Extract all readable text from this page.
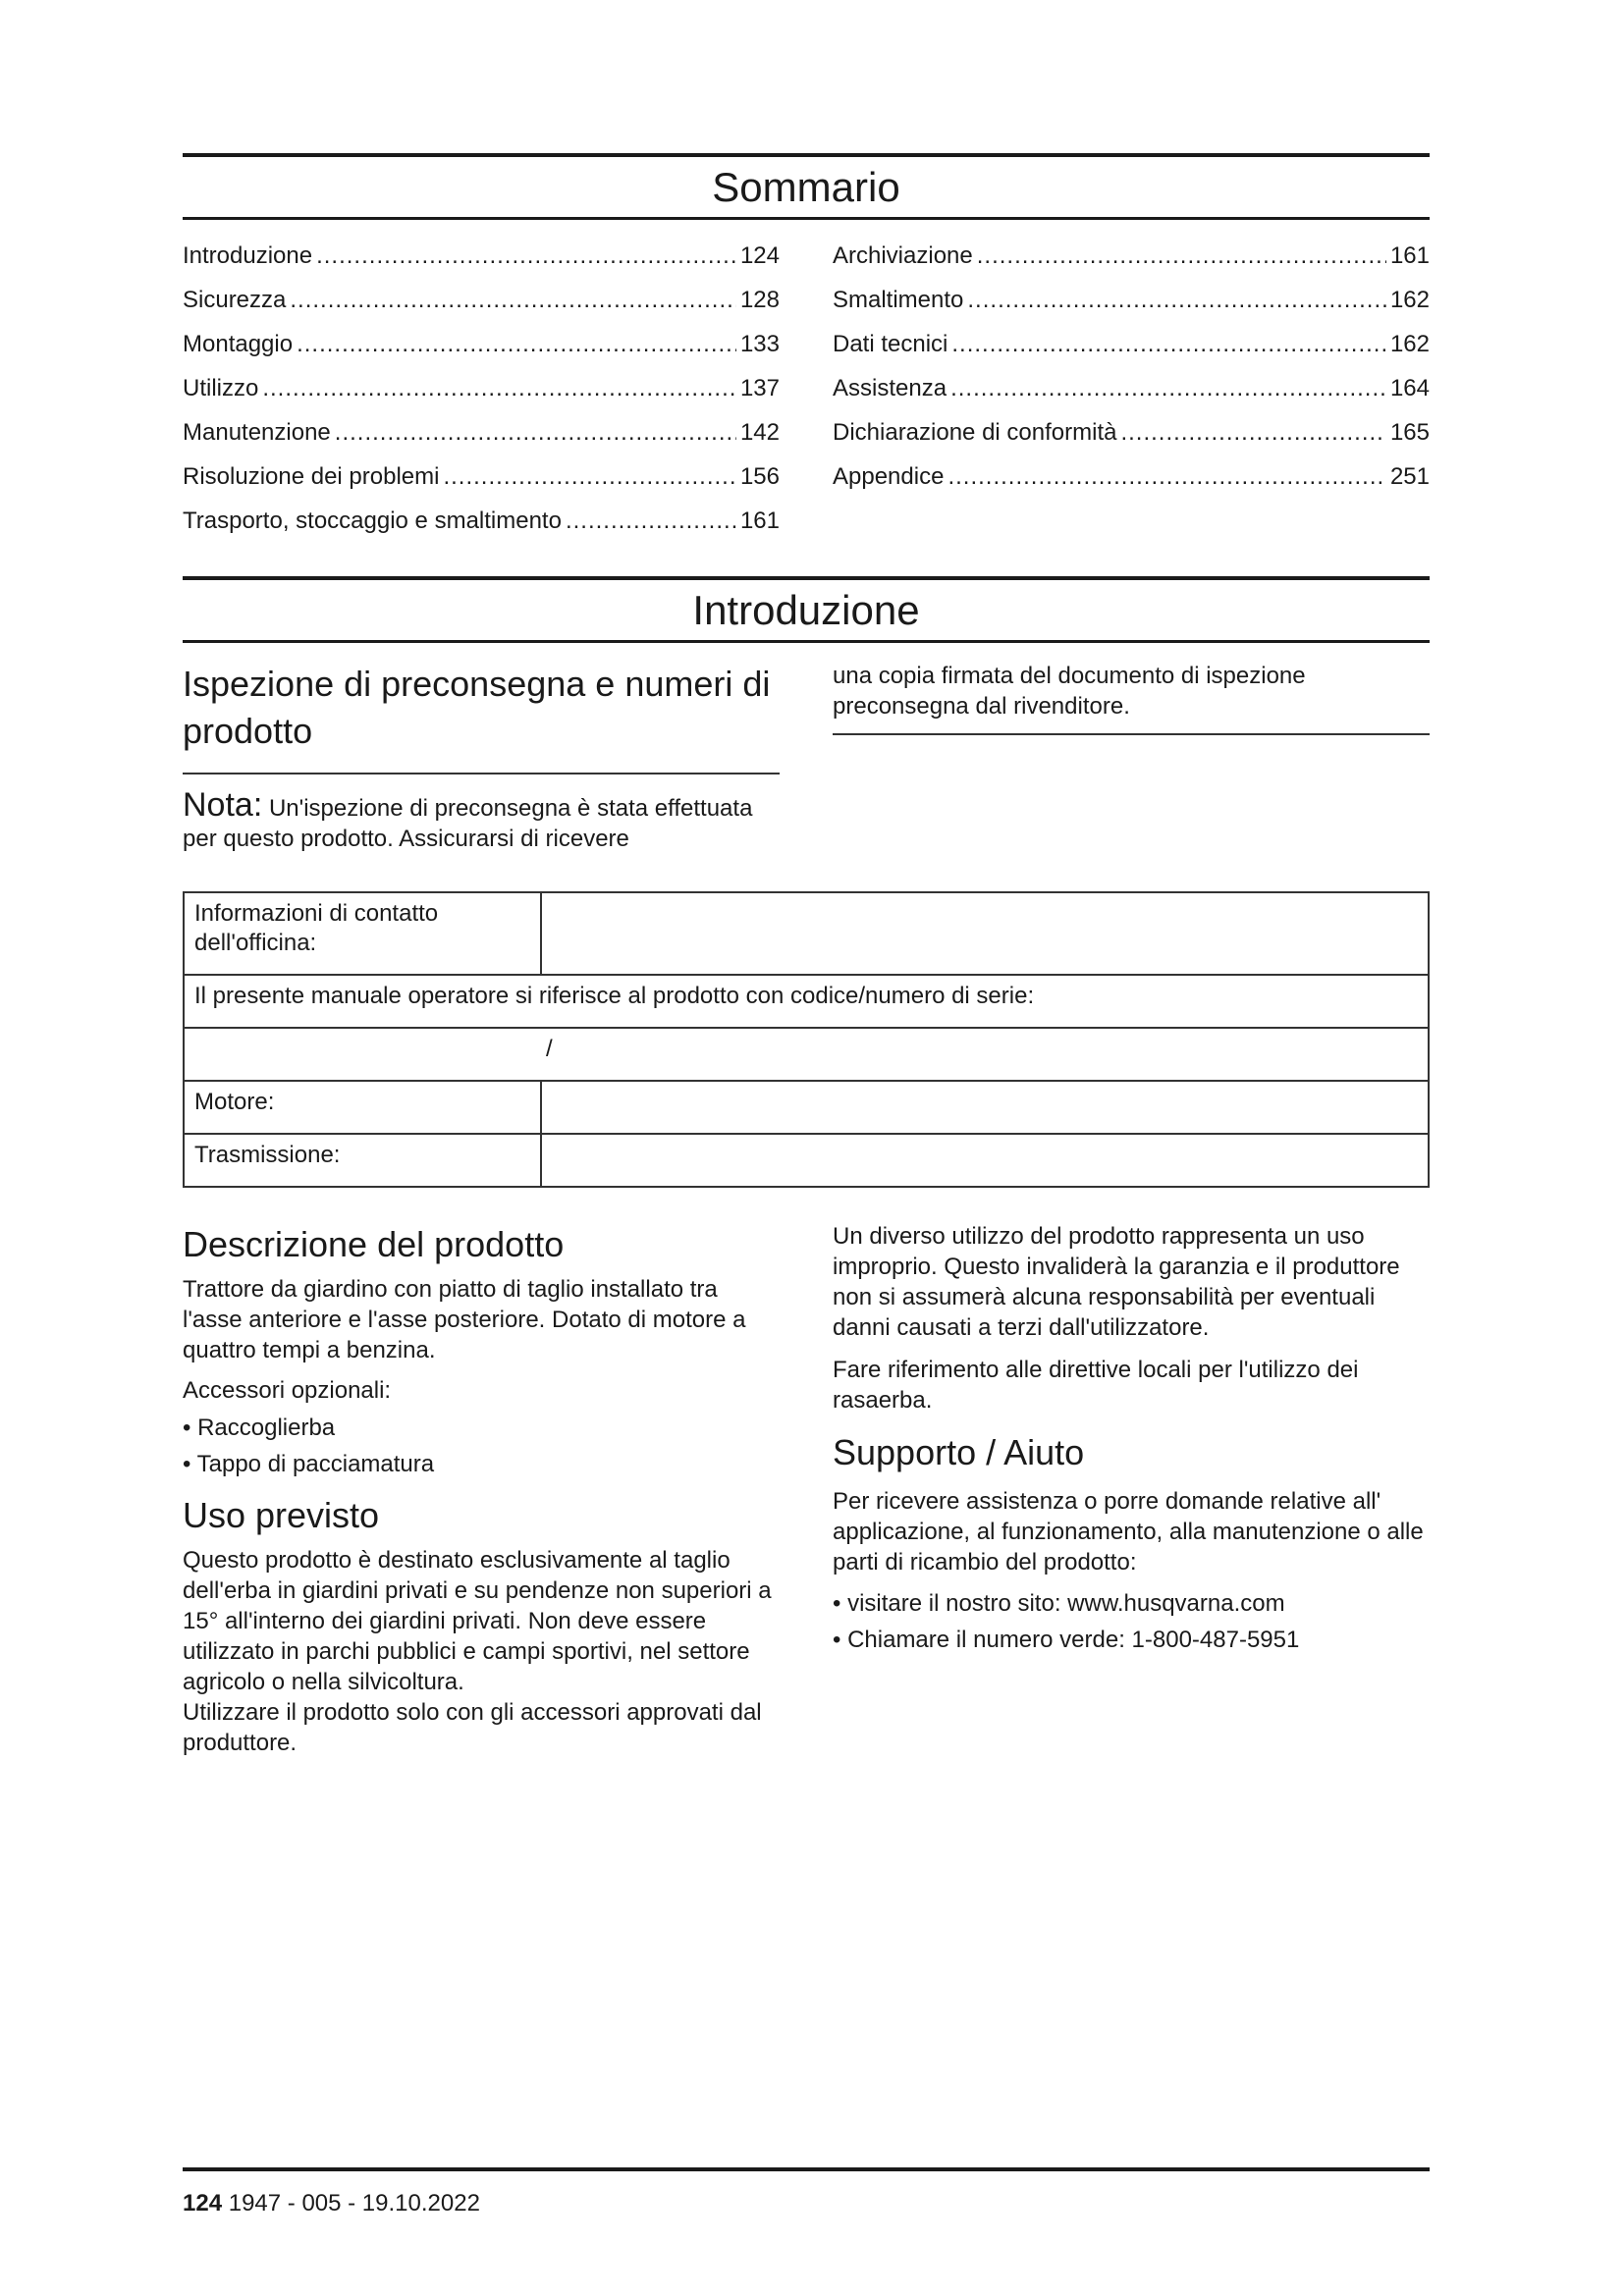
Sommario
Introduzione .....	124
Sicurezza .....	128
Montaggio .....	133
Utilizzo .....	137
Manutenzione .....	142
Risoluzione dei problemi .....	156
Trasporto, stoccaggio e smaltimento .....	161
Archiviazione .....	161
Smaltimento .....	162
Dati tecnici .....	162
Assistenza .....	164
Dichiarazione di conformità .....	165
Appendice .....	251
Introduzione
Ispezione di preconsegna e numeri di prodotto

Nota: Un'ispezione di preconsegna è stata effettuata per questo prodotto. Assicurarsi di ricevere

una copia firmata del documento di ispezione preconsegna dal rivenditore.

Informazioni di contatto dell'officina:	
Il presente manuale operatore si riferisce al prodotto con codice/numero di serie:	
/	
Motore:	
Trasmissione:	
Descrizione del prodotto

Trattore da giardino con piatto di taglio installato tra l'asse anteriore e l'asse posteriore. Dotato di motore a quattro tempi a benzina.

Accessori opzionali:

• Raccoglierba
• Tappo di pacciamatura
Uso previsto

Questo prodotto è destinato esclusivamente al taglio dell'erba in giardini privati e su pendenze non superiori a 15° all'interno dei giardini privati. Non deve essere utilizzato in parchi pubblici e campi sportivi, nel settore agricolo o nella silvicoltura.

Utilizzare il prodotto solo con gli accessori approvati dal produttore.

Un diverso utilizzo del prodotto rappresenta un uso improprio. Questo invaliderà la garanzia e il produttore non si assumerà alcuna responsabilità per eventuali danni causati a terzi dall'utilizzatore.

Fare riferimento alle direttive locali per l'utilizzo dei rasaerba.

Supporto / Aiuto

Per ricevere assistenza o porre domande relative all' applicazione, al funzionamento, alla manutenzione o alle parti di ricambio del prodotto:

• visitare il nostro sito: www.husqvarna.com
• Chiamare il numero verde: 1-800-487-5951
124 1947 - 005 - 19.10.2022
